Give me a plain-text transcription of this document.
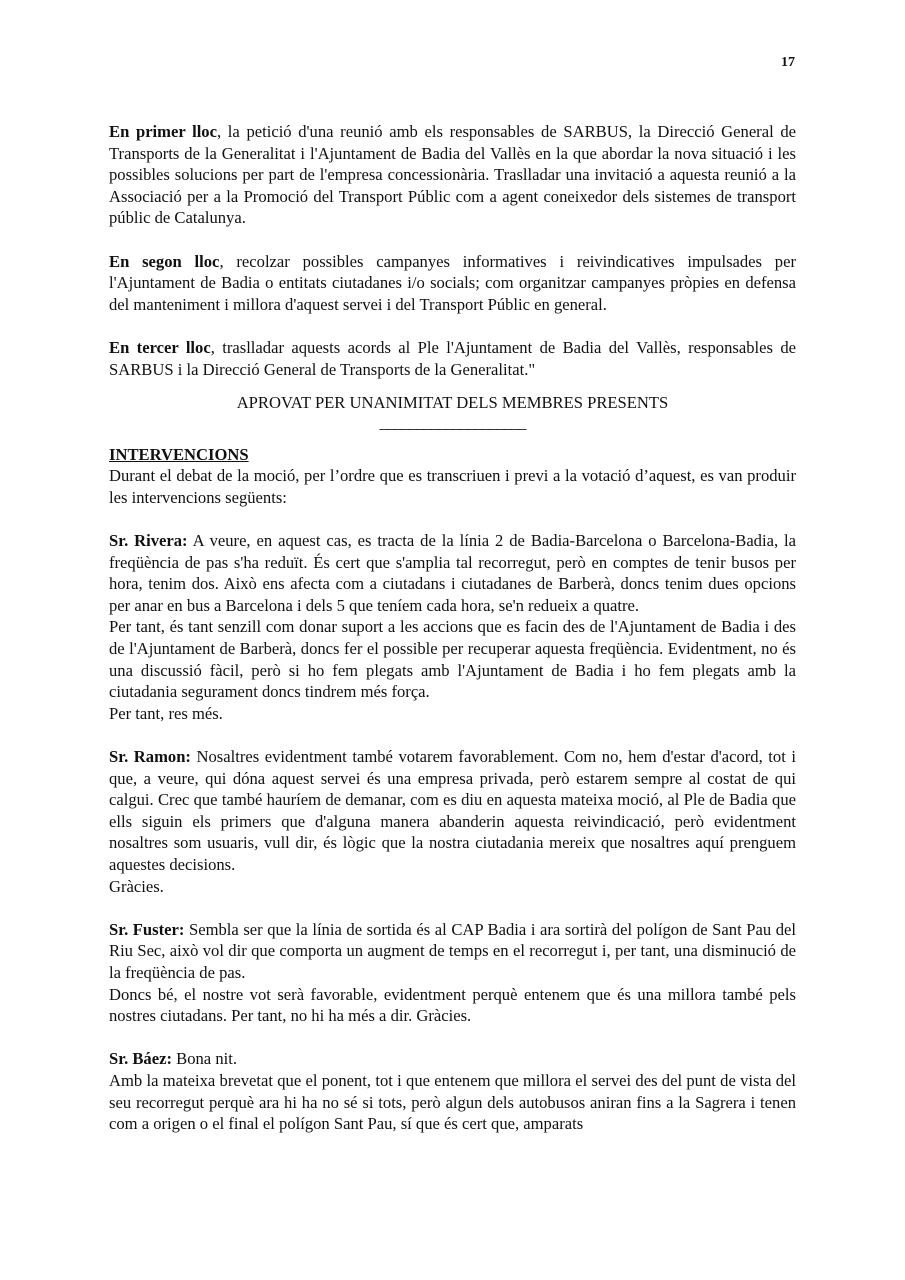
17

En primer lloc, la petició d'una reunió amb els responsables de SARBUS, la Direcció General de Transports de la Generalitat i l'Ajuntament de Badia del Vallès en la que abordar la nova situació i les possibles solucions per part de l'empresa concessionària. Traslladar una invitació a aquesta reunió a la Associació per a la Promoció del Transport Públic com a agent coneixedor dels sistemes de transport públic de Catalunya.

En segon lloc, recolzar possibles campanyes informatives i reivindicatives impulsades per l'Ajuntament de Badia o entitats ciutadanes i/o socials; com organitzar campanyes pròpies en defensa del manteniment i millora d'aquest servei i del Transport Públic en general.

En tercer lloc, traslladar aquests acords al Ple l'Ajuntament de Badia del Vallès, responsables de SARBUS i la Direcció General de Transports de la Generalitat."

APROVAT PER UNANIMITAT DELS MEMBRES PRESENTS

____________________

INTERVENCIONS

Durant el debat de la moció, per l’ordre que es transcriuen i previ a la votació d’aquest, es van produir les intervencions següents:

Sr. Rivera: A veure, en aquest cas, es tracta de la línia 2 de Badia-Barcelona o Barcelona-Badia, la freqüència de pas s'ha reduït. És cert que s'amplia tal recorregut, però en comptes de tenir busos per hora, tenim dos. Això ens afecta com a ciutadans i ciutadanes de Barberà, doncs tenim dues opcions per anar en bus a Barcelona i dels 5 que teníem cada hora, se'n redueix a quatre.

Per tant, és tant senzill com donar suport a les accions que es facin des de l'Ajuntament de Badia i des de l'Ajuntament de Barberà, doncs fer el possible per recuperar aquesta freqüència. Evidentment, no és una discussió fàcil, però si ho fem plegats amb l'Ajuntament de Badia i ho fem plegats amb la ciutadania segurament doncs tindrem més força.

Per tant, res més.

Sr. Ramon: Nosaltres evidentment també votarem favorablement. Com no, hem d'estar d'acord, tot i que, a veure, qui dóna aquest servei és una empresa privada, però estarem sempre al costat de qui calgui. Crec que també hauríem de demanar, com es diu en aquesta mateixa moció, al Ple de Badia que ells siguin els primers que d'alguna manera abanderin aquesta reivindicació, però evidentment nosaltres som usuaris, vull dir, és lògic que la nostra ciutadania mereix que nosaltres aquí prenguem aquestes decisions.

Gràcies.

Sr. Fuster: Sembla ser que la línia de sortida és al CAP Badia i ara sortirà del polígon de Sant Pau del Riu Sec, això vol dir que comporta un augment de temps en el recorregut i, per tant, una disminució de la freqüència de pas.

Doncs bé, el nostre vot serà favorable, evidentment perquè entenem que és una millora també pels nostres ciutadans. Per tant, no hi ha més a dir. Gràcies.

Sr. Báez: Bona nit.

Amb la mateixa brevetat que el ponent, tot i que entenem que millora el servei des del punt de vista del seu recorregut perquè ara hi ha no sé si tots, però algun dels autobusos aniran fins a la Sagrera i tenen com a origen o el final el polígon Sant Pau, sí que és cert que, amparats
